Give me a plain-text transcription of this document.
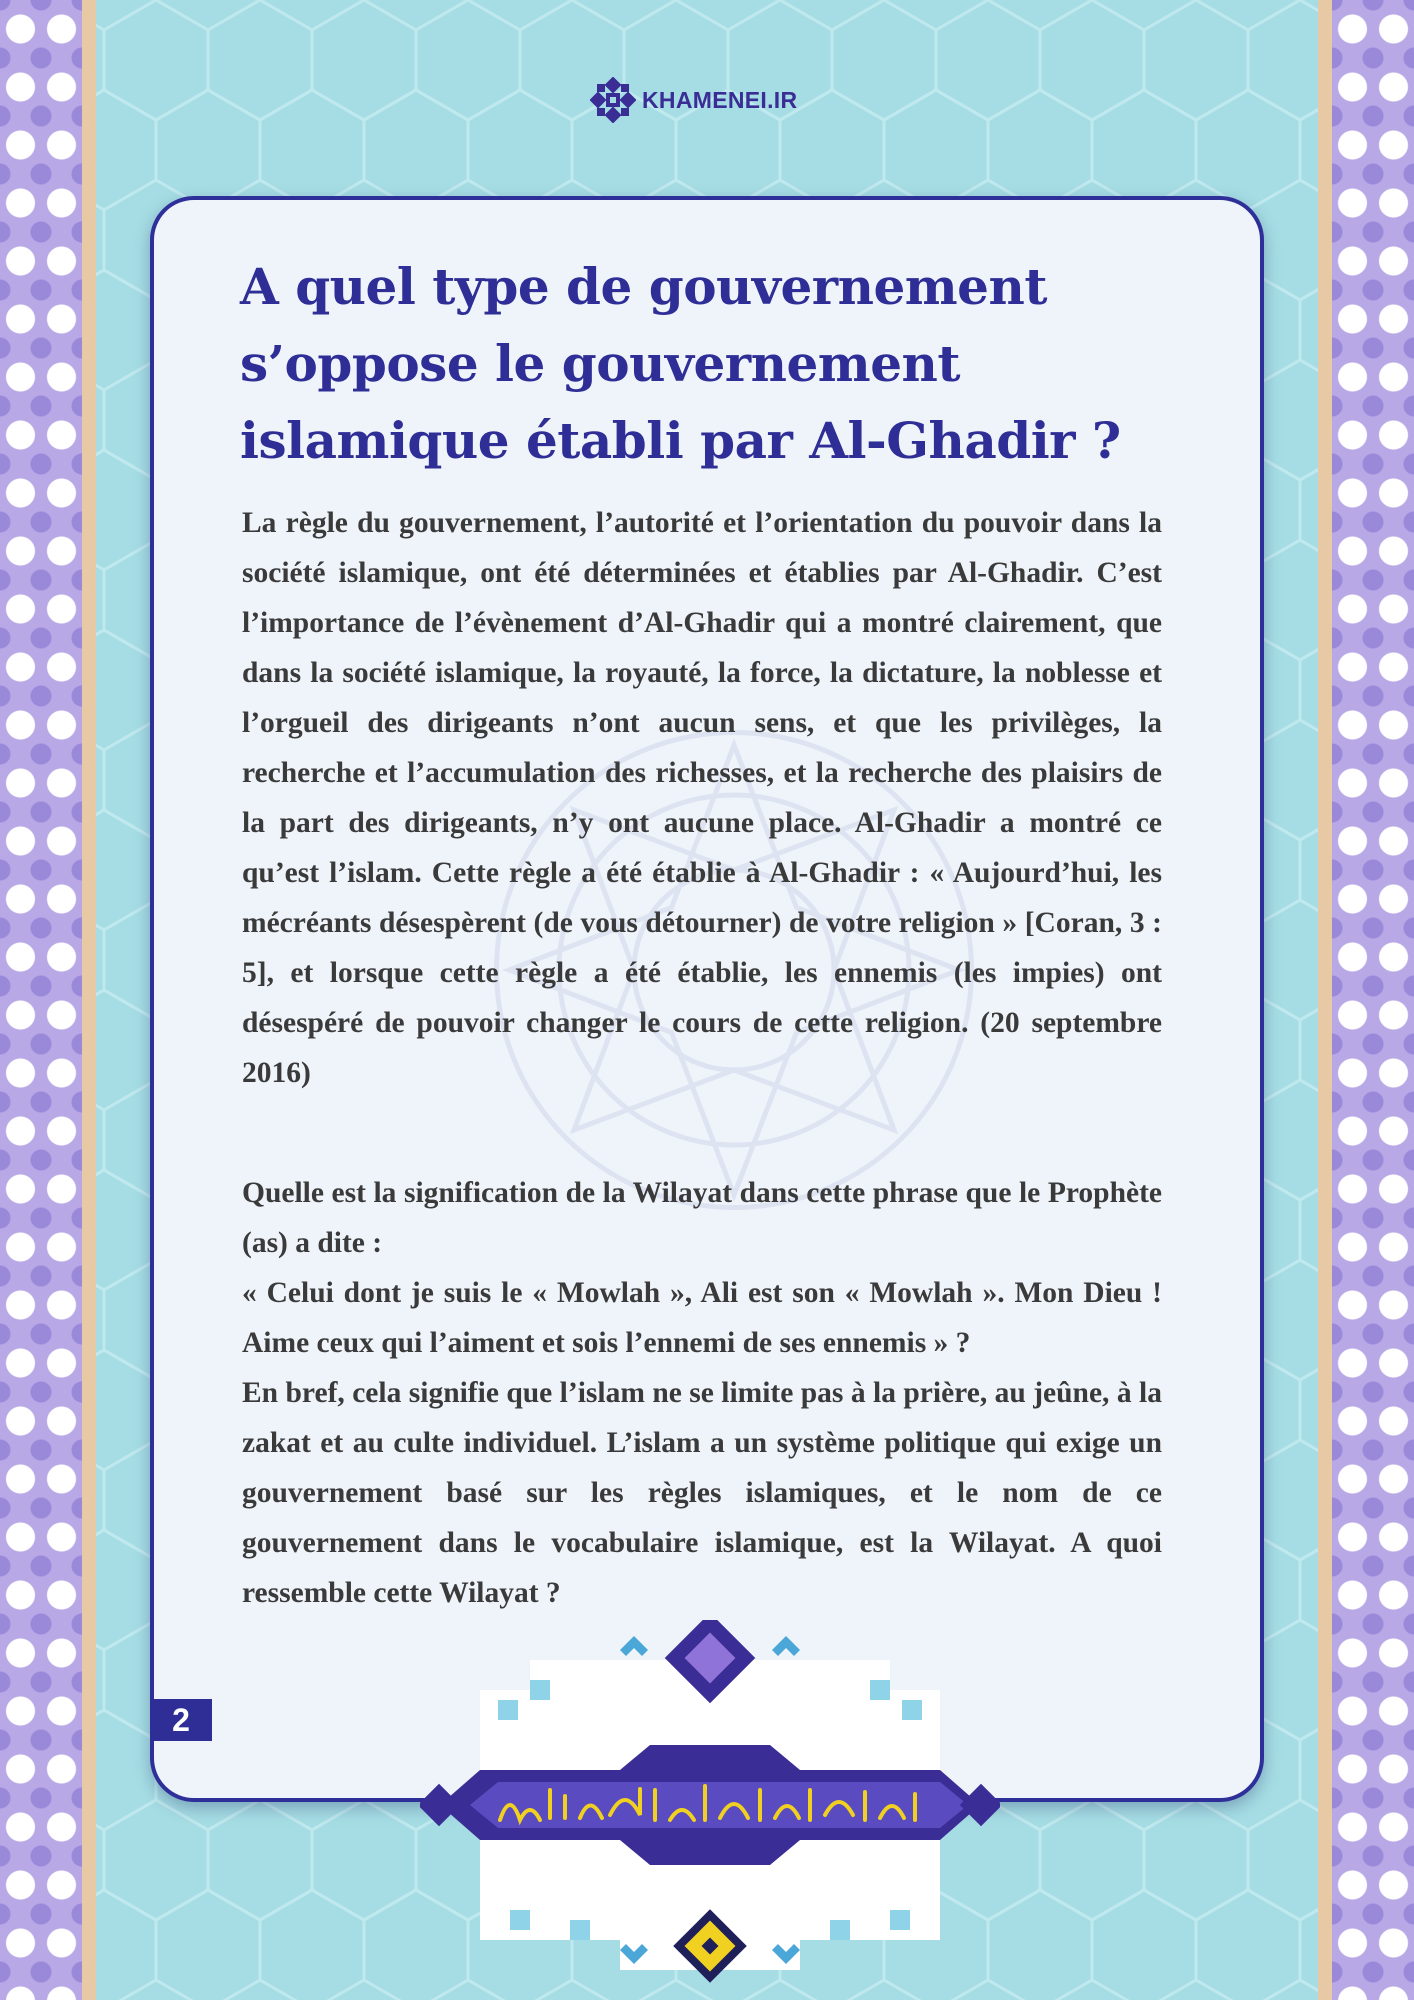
KHAMENEI.IR
A quel type de gouvernement s’oppose le gouvernement islamique établi par Al-Ghadir ?

La règle du gouvernement, l’autorité et l’orientation du pouvoir dans la société islamique, ont été déterminées et établies par Al-Ghadir. C’est l’importance de l’évènement d’Al-Ghadir qui a montré clairement, que dans la société islamique, la royauté, la force, la dictature, la noblesse et l’orgueil des dirigeants n’ont aucun sens, et que les privilèges, la recherche et l’accumulation des richesses, et la recherche des plaisirs de la part des dirigeants, n’y ont aucune place. Al-Ghadir a montré ce qu’est l’islam. Cette règle a été établie à Al-Ghadir : « Aujourd’hui, les mécréants désespèrent (de vous détourner) de votre religion » [Coran, 3 : 5], et lorsque cette règle a été établie, les ennemis (les impies) ont désespéré de pouvoir changer le cours de cette religion. (20 septembre 2016)

Quelle est la signification de la Wilayat dans cette phrase que le Prophète (as) a dite :
« Celui dont je suis le « Mowlah », Ali est son « Mowlah ». Mon Dieu ! Aime ceux qui l’aiment et sois l’ennemi de ses ennemis » ?
En bref, cela signifie que l’islam ne se limite pas à la prière, au jeûne, à la zakat et au culte individuel. L’islam a un système politique qui exige un gouvernement basé sur les règles islamiques, et le nom de ce gouvernement dans le vocabulaire islamique, est la Wilayat. A quoi ressemble cette Wilayat ?
2
